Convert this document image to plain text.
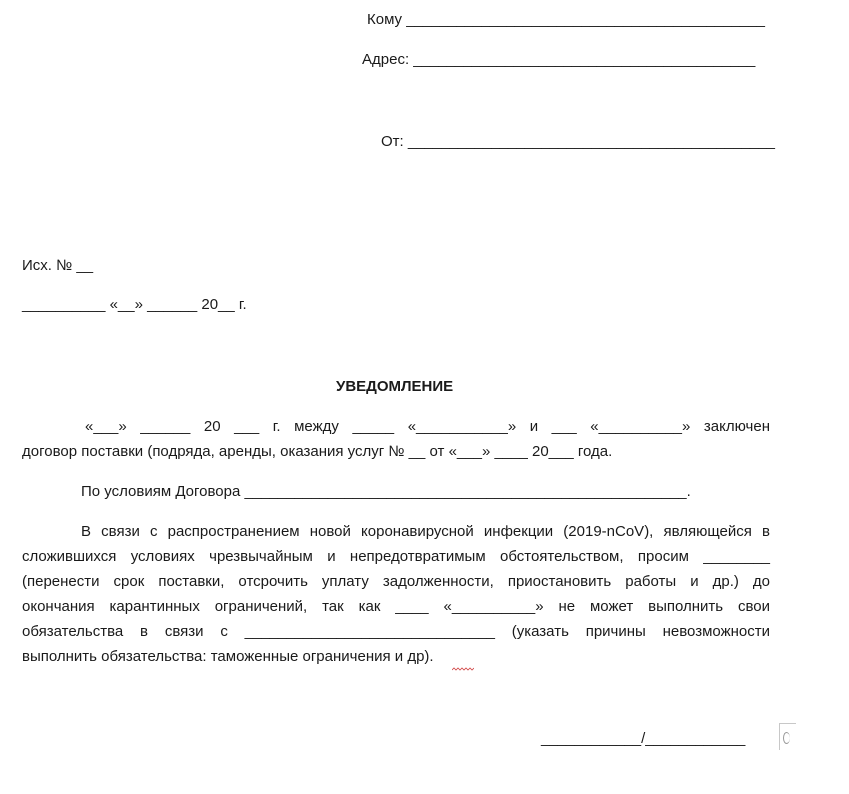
Кому ___________________________________________
Адрес: _________________________________________
От: ____________________________________________
Исх. № __
__________ «__» ______ 20__ г.
УВЕДОМЛЕНИЕ
«___» ______ 20 ___ г. между _____ «___________» и ___ «__________» заключен
договор поставки (подряда, аренды, оказания услуг № __ от «___» ____ 20___ года.
По условиям Договора _____________________________________________________.
В связи с распространением новой коронавирусной инфекции (2019-nCoV), являющейся в
сложившихся условиях чрезвычайным и непредотвратимым обстоятельством, просим ________
(перенести срок поставки, отсрочить уплату задолженности, приостановить работы и др.) до
окончания карантинных ограничений, так как ____ «__________» не может выполнить свои
обязательства в связи с ______________________________ (указать причины невозможности
выполнить обязательства: таможенные ограничения и др).
____________/____________
